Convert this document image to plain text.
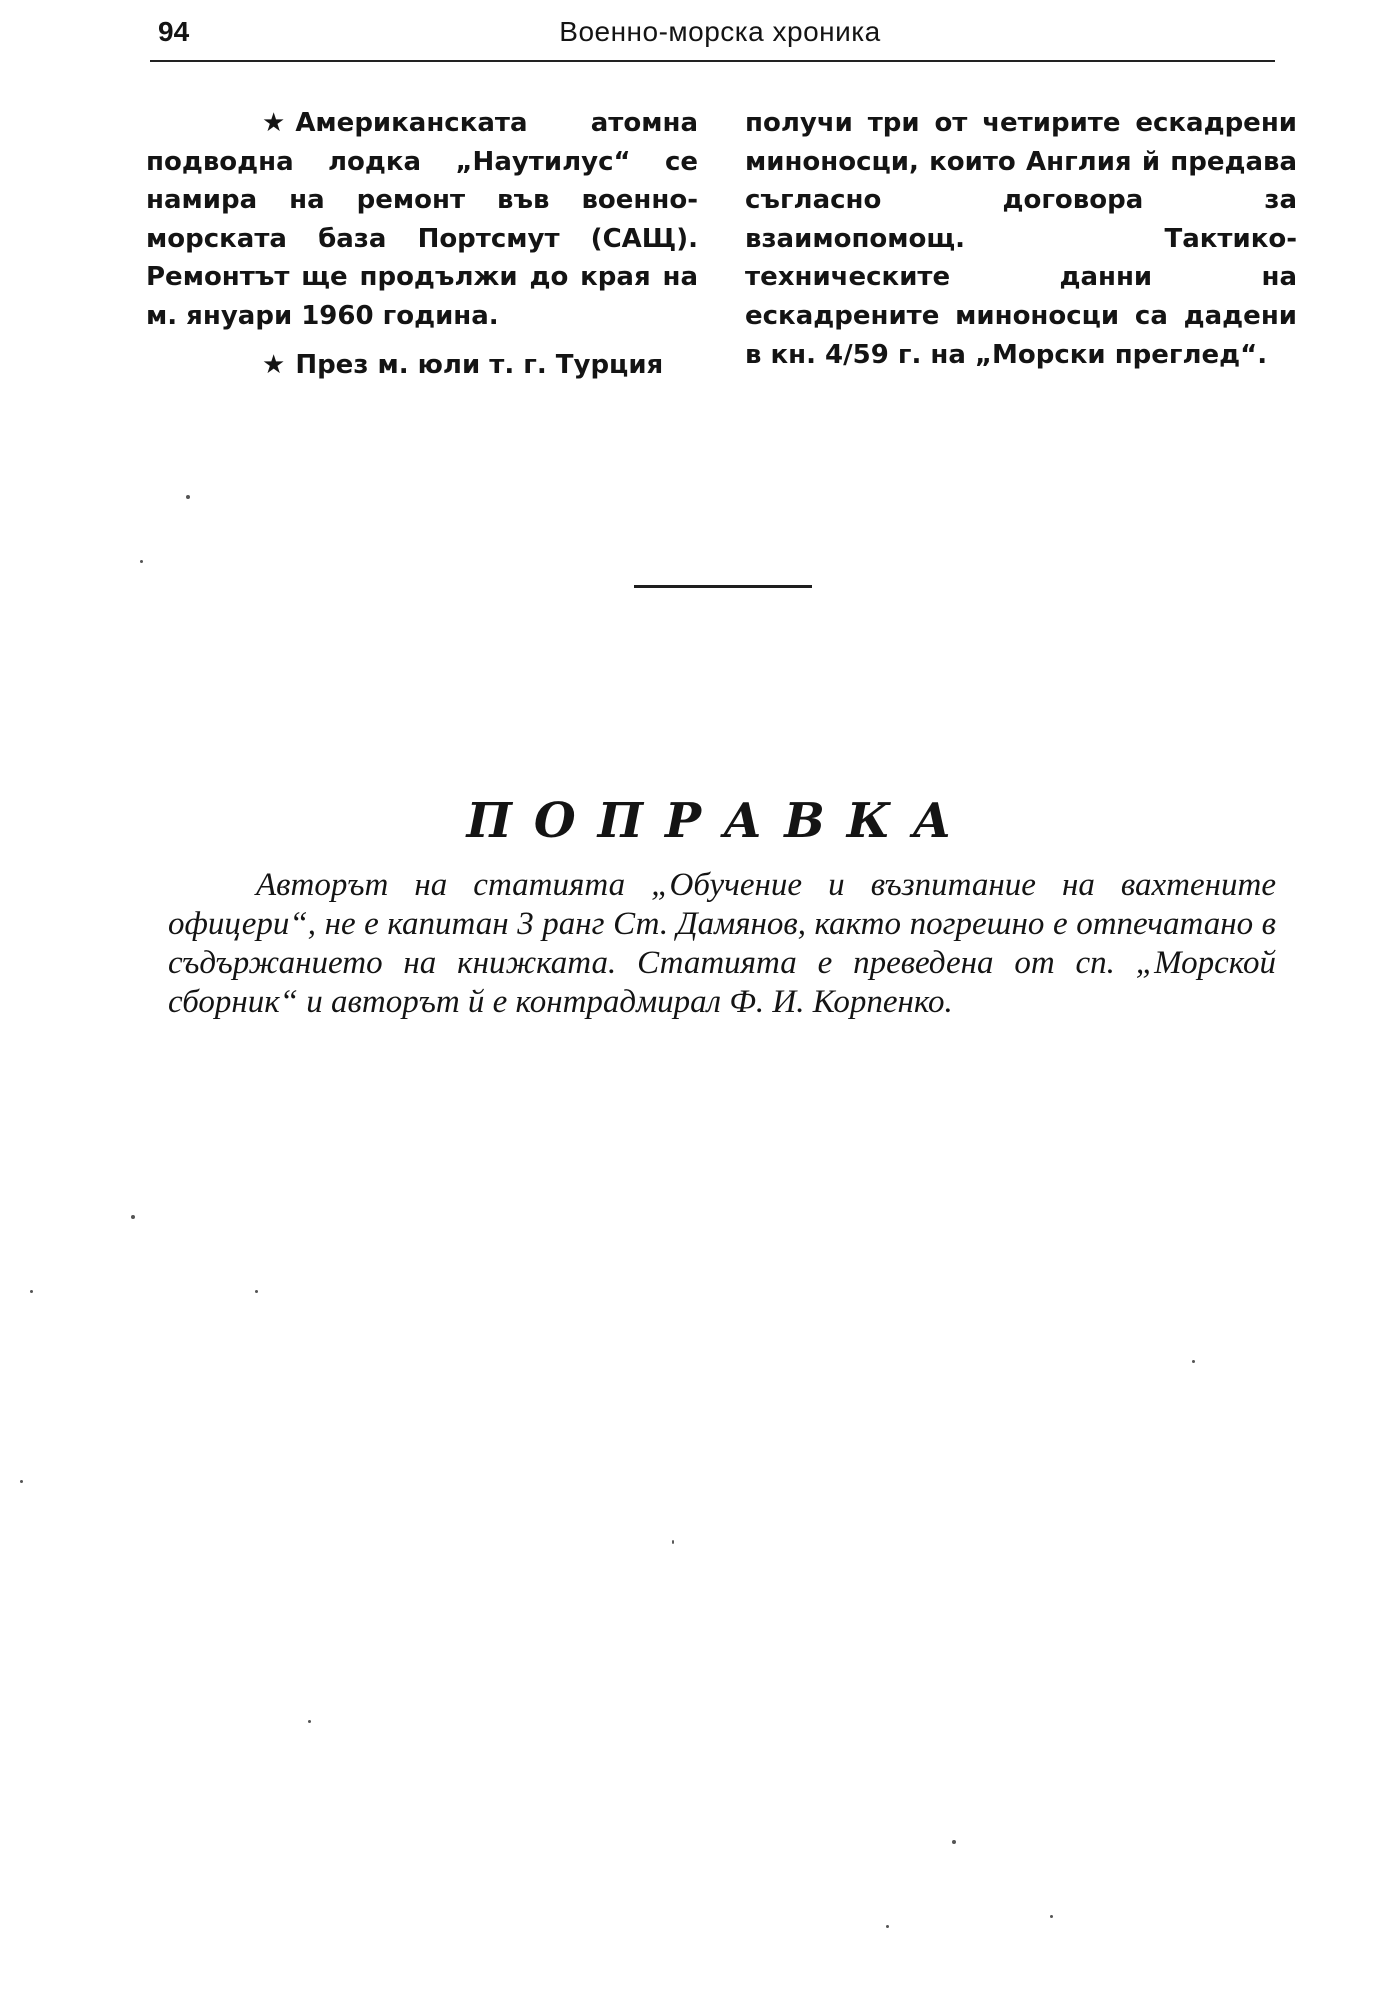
94	Военно-морска хроника

★ Американската атомна подводна лодка „Наутилус“ се намира на ремонт във военно-морската база Портсмут (САЩ). Ремонтът ще продължи до края на м. януари 1960 година.

★ През м. юли т. г. Турция

получи три от четирите ескадрени миноносци, които Англия й предава съгласно договора за взаимопомощ. Тактико-техническите данни на ескадрените миноносци са дадени в кн. 4/59 г. на „Морски преглед“.

ПОПРАВКА

Авторът на статията „Обучение и възпитание на вахтените офицери“, не е капитан 3 ранг Ст. Дамянов, както погрешно е отпечатано в съдържанието на книжката. Статията е преведена от сп. „Морской сборник“ и авторът й е контрадмирал Ф. И. Корпенко.
